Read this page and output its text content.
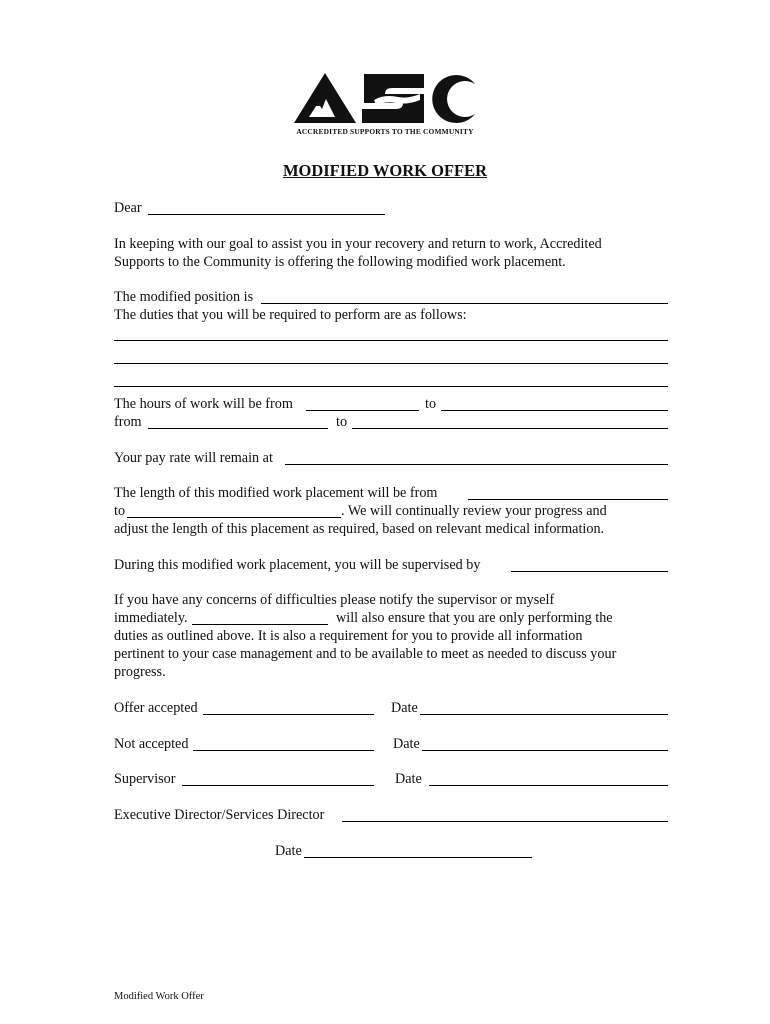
ACCREDITED SUPPORTS TO THE COMMUNITY
MODIFIED WORK OFFER
Dear
In keeping with our goal to assist you in your recovery and return to work, Accredited
Supports to the Community is offering the following modified work placement.
The modified position is
The duties that you will be required to perform are as follows:
The hours of work will be from	to
from	to
Your pay rate will remain at
The length of this modified work placement will be from
to	. We will continually review your progress and
adjust the length of this placement as required, based on relevant medical information.
During this modified work placement, you will be supervised by
If you have any concerns of difficulties please notify the supervisor or myself
immediately.	will also ensure that you are only performing the
duties as outlined above. It is also a requirement for you to provide all information
pertinent to your case management and to be available to meet as needed to discuss your
progress.
Offer accepted	Date
Not accepted	Date
Supervisor	Date
Executive Director/Services Director
Date
Modified Work Offer
